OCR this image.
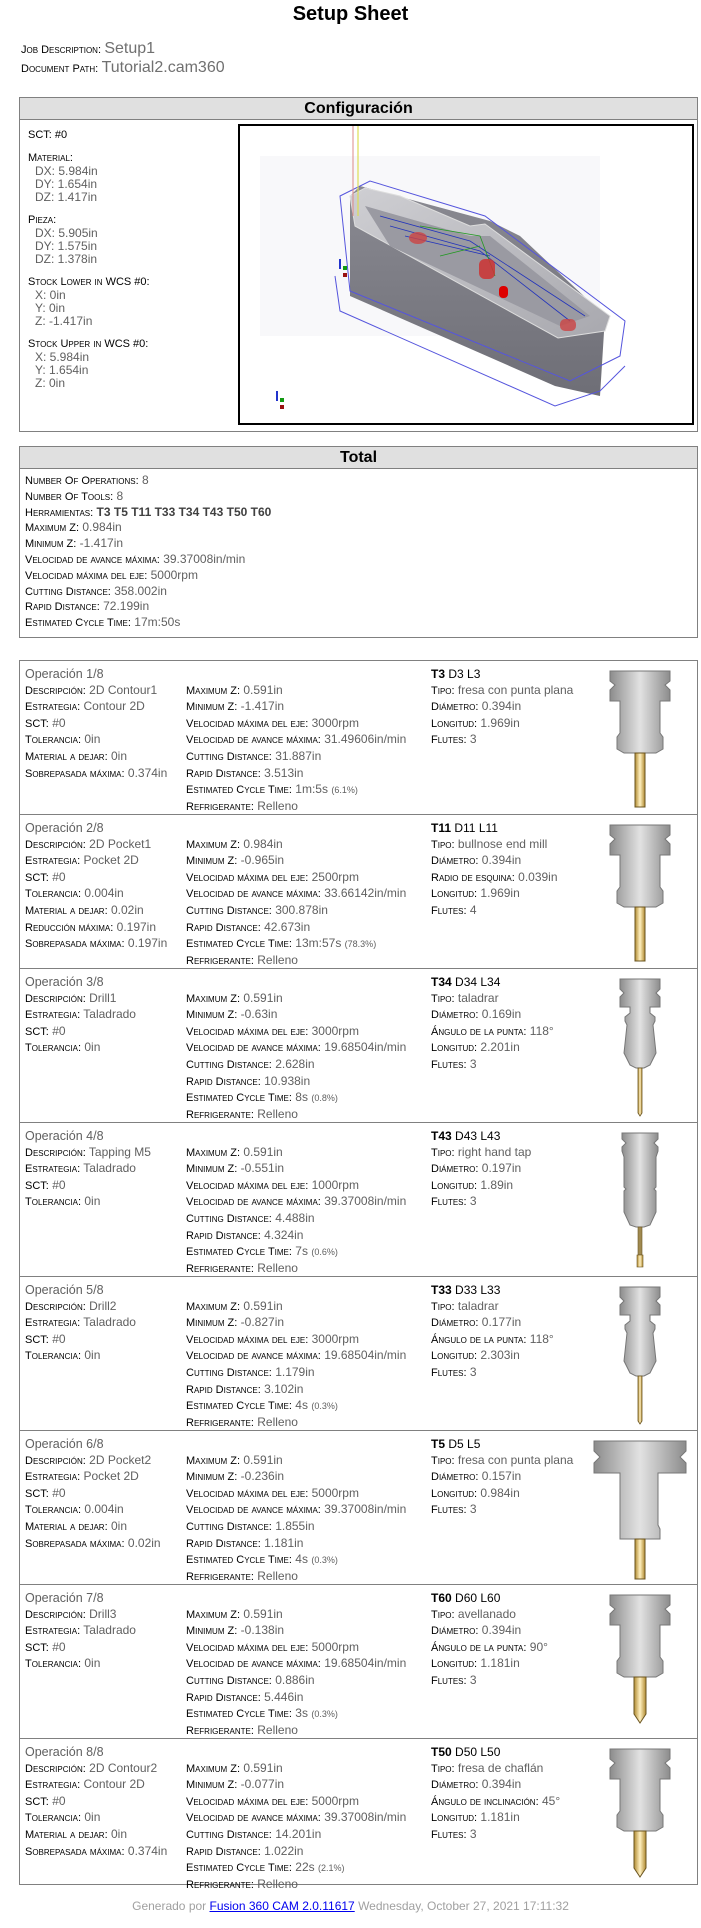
Setup Sheet
Job Description: Setup1
Document Path: Tutorial2.cam360
Configuración
SCT: #0
Material:
DX: 5.984in
DY: 1.654in
DZ: 1.417in
Pieza:
DX: 5.905in
DY: 1.575in
DZ: 1.378in
Stock Lower in WCS #0:
X: 0in
Y: 0in
Z: -1.417in
Stock Upper in WCS #0:
X: 5.984in
Y: 1.654in
Z: 0in
Total
Number Of Operations: 8
Number Of Tools: 8
Herramientas: T3 T5 T11 T33 T34 T43 T50 T60
Maximum Z: 0.984in
Minimum Z: -1.417in
Velocidad de avance máxima: 39.37008in/min
Velocidad máxima del eje: 5000rpm
Cutting Distance: 358.002in
Rapid Distance: 72.199in
Estimated Cycle Time: 17m:50s
Operación 1/8
Descripción: 2D Contour1
Estrategia: Contour 2D
SCT: #0
Tolerancia: 0in
Material a dejar: 0in
Sobrepasada máxima: 0.374in
Maximum Z: 0.591in
Minimum Z: -1.417in
Velocidad máxima del eje: 3000rpm
Velocidad de avance máxima: 31.49606in/min
Cutting Distance: 31.887in
Rapid Distance: 3.513in
Estimated Cycle Time: 1m:5s (6.1%)
Refrigerante: Relleno
T3 D3 L3
Tipo: fresa con punta plana
Diámetro: 0.394in
Longitud: 1.969in
Flutes: 3
Operación 2/8
Descripción: 2D Pocket1
Estrategia: Pocket 2D
SCT: #0
Tolerancia: 0.004in
Material a dejar: 0.02in
Reducción máxima: 0.197in
Sobrepasada máxima: 0.197in
Maximum Z: 0.984in
Minimum Z: -0.965in
Velocidad máxima del eje: 2500rpm
Velocidad de avance máxima: 33.66142in/min
Cutting Distance: 300.878in
Rapid Distance: 42.673in
Estimated Cycle Time: 13m:57s (78.3%)
Refrigerante: Relleno
T11 D11 L11
Tipo: bullnose end mill
Diámetro: 0.394in
Radio de esquina: 0.039in
Longitud: 1.969in
Flutes: 4
Operación 3/8
Descripción: Drill1
Estrategia: Taladrado
SCT: #0
Tolerancia: 0in
Maximum Z: 0.591in
Minimum Z: -0.63in
Velocidad máxima del eje: 3000rpm
Velocidad de avance máxima: 19.68504in/min
Cutting Distance: 2.628in
Rapid Distance: 10.938in
Estimated Cycle Time: 8s (0.8%)
Refrigerante: Relleno
T34 D34 L34
Tipo: taladrar
Diámetro: 0.169in
Ángulo de la punta: 118°
Longitud: 2.201in
Flutes: 3
Operación 4/8
Descripción: Tapping M5
Estrategia: Taladrado
SCT: #0
Tolerancia: 0in
Maximum Z: 0.591in
Minimum Z: -0.551in
Velocidad máxima del eje: 1000rpm
Velocidad de avance máxima: 39.37008in/min
Cutting Distance: 4.488in
Rapid Distance: 4.324in
Estimated Cycle Time: 7s (0.6%)
Refrigerante: Relleno
T43 D43 L43
Tipo: right hand tap
Diámetro: 0.197in
Longitud: 1.89in
Flutes: 3
Operación 5/8
Descripción: Drill2
Estrategia: Taladrado
SCT: #0
Tolerancia: 0in
Maximum Z: 0.591in
Minimum Z: -0.827in
Velocidad máxima del eje: 3000rpm
Velocidad de avance máxima: 19.68504in/min
Cutting Distance: 1.179in
Rapid Distance: 3.102in
Estimated Cycle Time: 4s (0.3%)
Refrigerante: Relleno
T33 D33 L33
Tipo: taladrar
Diámetro: 0.177in
Ángulo de la punta: 118°
Longitud: 2.303in
Flutes: 3
Operación 6/8
Descripción: 2D Pocket2
Estrategia: Pocket 2D
SCT: #0
Tolerancia: 0.004in
Material a dejar: 0in
Sobrepasada máxima: 0.02in
Maximum Z: 0.591in
Minimum Z: -0.236in
Velocidad máxima del eje: 5000rpm
Velocidad de avance máxima: 39.37008in/min
Cutting Distance: 1.855in
Rapid Distance: 1.181in
Estimated Cycle Time: 4s (0.3%)
Refrigerante: Relleno
T5 D5 L5
Tipo: fresa con punta plana
Diámetro: 0.157in
Longitud: 0.984in
Flutes: 3
Operación 7/8
Descripción: Drill3
Estrategia: Taladrado
SCT: #0
Tolerancia: 0in
Maximum Z: 0.591in
Minimum Z: -0.138in
Velocidad máxima del eje: 5000rpm
Velocidad de avance máxima: 19.68504in/min
Cutting Distance: 0.886in
Rapid Distance: 5.446in
Estimated Cycle Time: 3s (0.3%)
Refrigerante: Relleno
T60 D60 L60
Tipo: avellanado
Diámetro: 0.394in
Ángulo de la punta: 90°
Longitud: 1.181in
Flutes: 3
Operación 8/8
Descripción: 2D Contour2
Estrategia: Contour 2D
SCT: #0
Tolerancia: 0in
Material a dejar: 0in
Sobrepasada máxima: 0.374in
Maximum Z: 0.591in
Minimum Z: -0.077in
Velocidad máxima del eje: 5000rpm
Velocidad de avance máxima: 39.37008in/min
Cutting Distance: 14.201in
Rapid Distance: 1.022in
Estimated Cycle Time: 22s (2.1%)
Refrigerante: Relleno
T50 D50 L50
Tipo: fresa de chaflán
Diámetro: 0.394in
Ángulo de inclinación: 45°
Longitud: 1.181in
Flutes: 3
Generado por Fusion 360 CAM 2.0.11617 Wednesday, October 27, 2021 17:11:32
